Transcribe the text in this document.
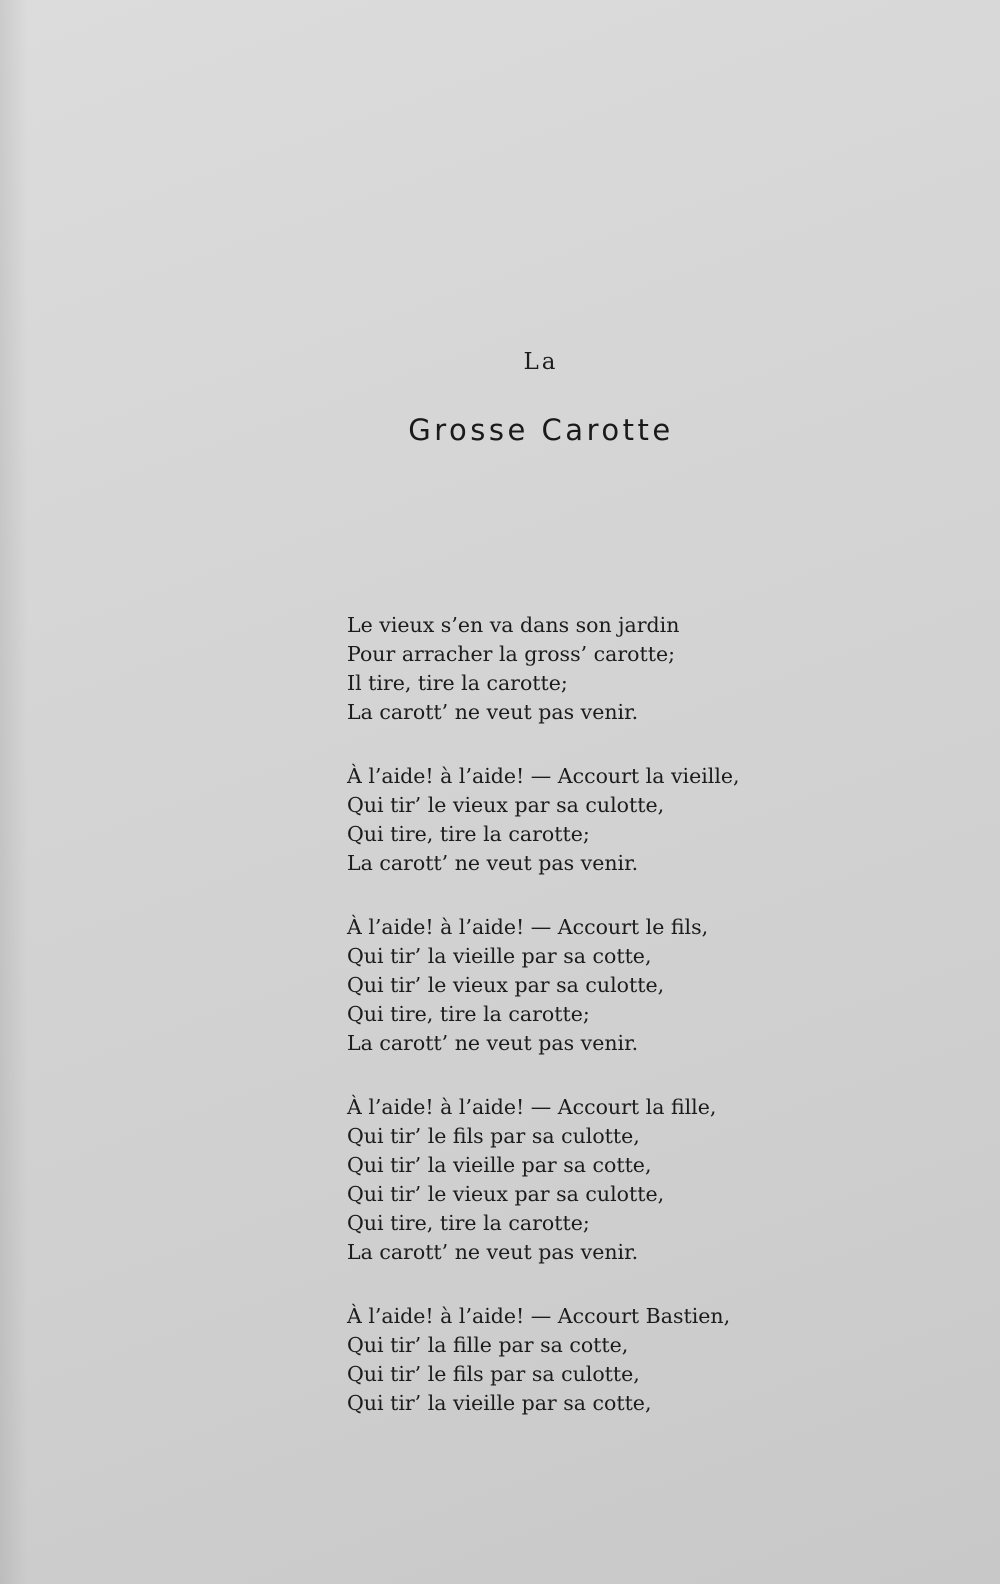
La
Grosse Carotte

Le vieux s’en va dans son jardin
Pour arracher la gross’ carotte;
Il tire, tire la carotte;
La carott’ ne veut pas venir.

À l’aide! à l’aide! — Accourt la vieille,
Qui tir’ le vieux par sa culotte,
Qui tire, tire la carotte;
La carott’ ne veut pas venir.

À l’aide! à l’aide! — Accourt le fils,
Qui tir’ la vieille par sa cotte,
Qui tir’ le vieux par sa culotte,
Qui tire, tire la carotte;
La carott’ ne veut pas venir.

À l’aide! à l’aide! — Accourt la fille,
Qui tir’ le fils par sa culotte,
Qui tir’ la vieille par sa cotte,
Qui tir’ le vieux par sa culotte,
Qui tire, tire la carotte;
La carott’ ne veut pas venir.

À l’aide! à l’aide! — Accourt Bastien,
Qui tir’ la fille par sa cotte,
Qui tir’ le fils par sa culotte,
Qui tir’ la vieille par sa cotte,
